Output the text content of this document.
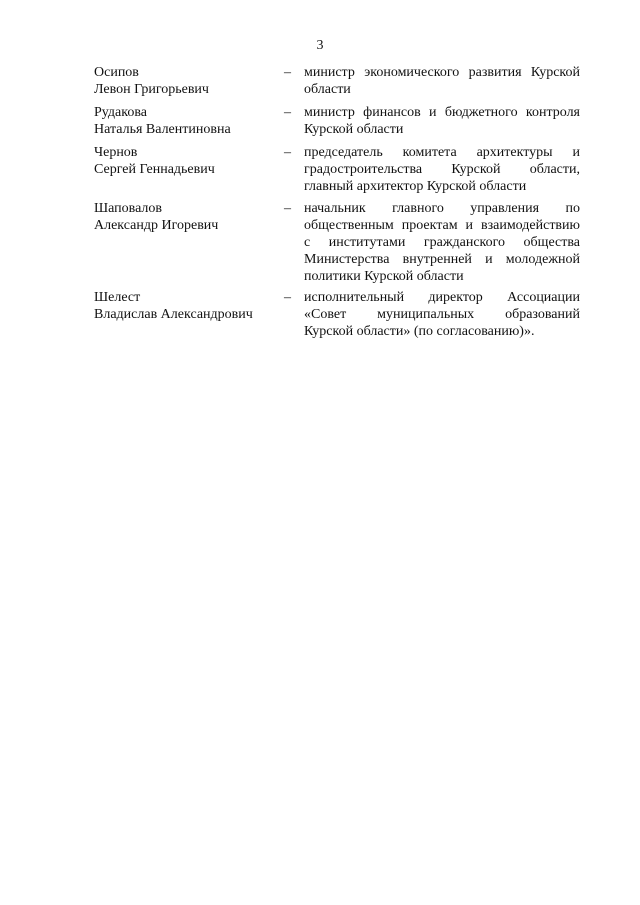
3
Осипов
Левон Григорьевич
– министр экономического развития Курской
области
Рудакова
Наталья Валентиновна
– министр финансов и бюджетного контроля
Курской области
Чернов
Сергей Геннадьевич
– председатель комитета архитектуры и
градостроительства Курской области,
главный архитектор Курской области
Шаповалов
Александр Игоревич
– начальник главного управления по
общественным проектам и взаимодействию
с институтами гражданского общества
Министерства внутренней и молодежной
политики Курской области
Шелест
Владислав Александрович
– исполнительный директор Ассоциации
«Совет муниципальных образований
Курской области» (по согласованию)».
